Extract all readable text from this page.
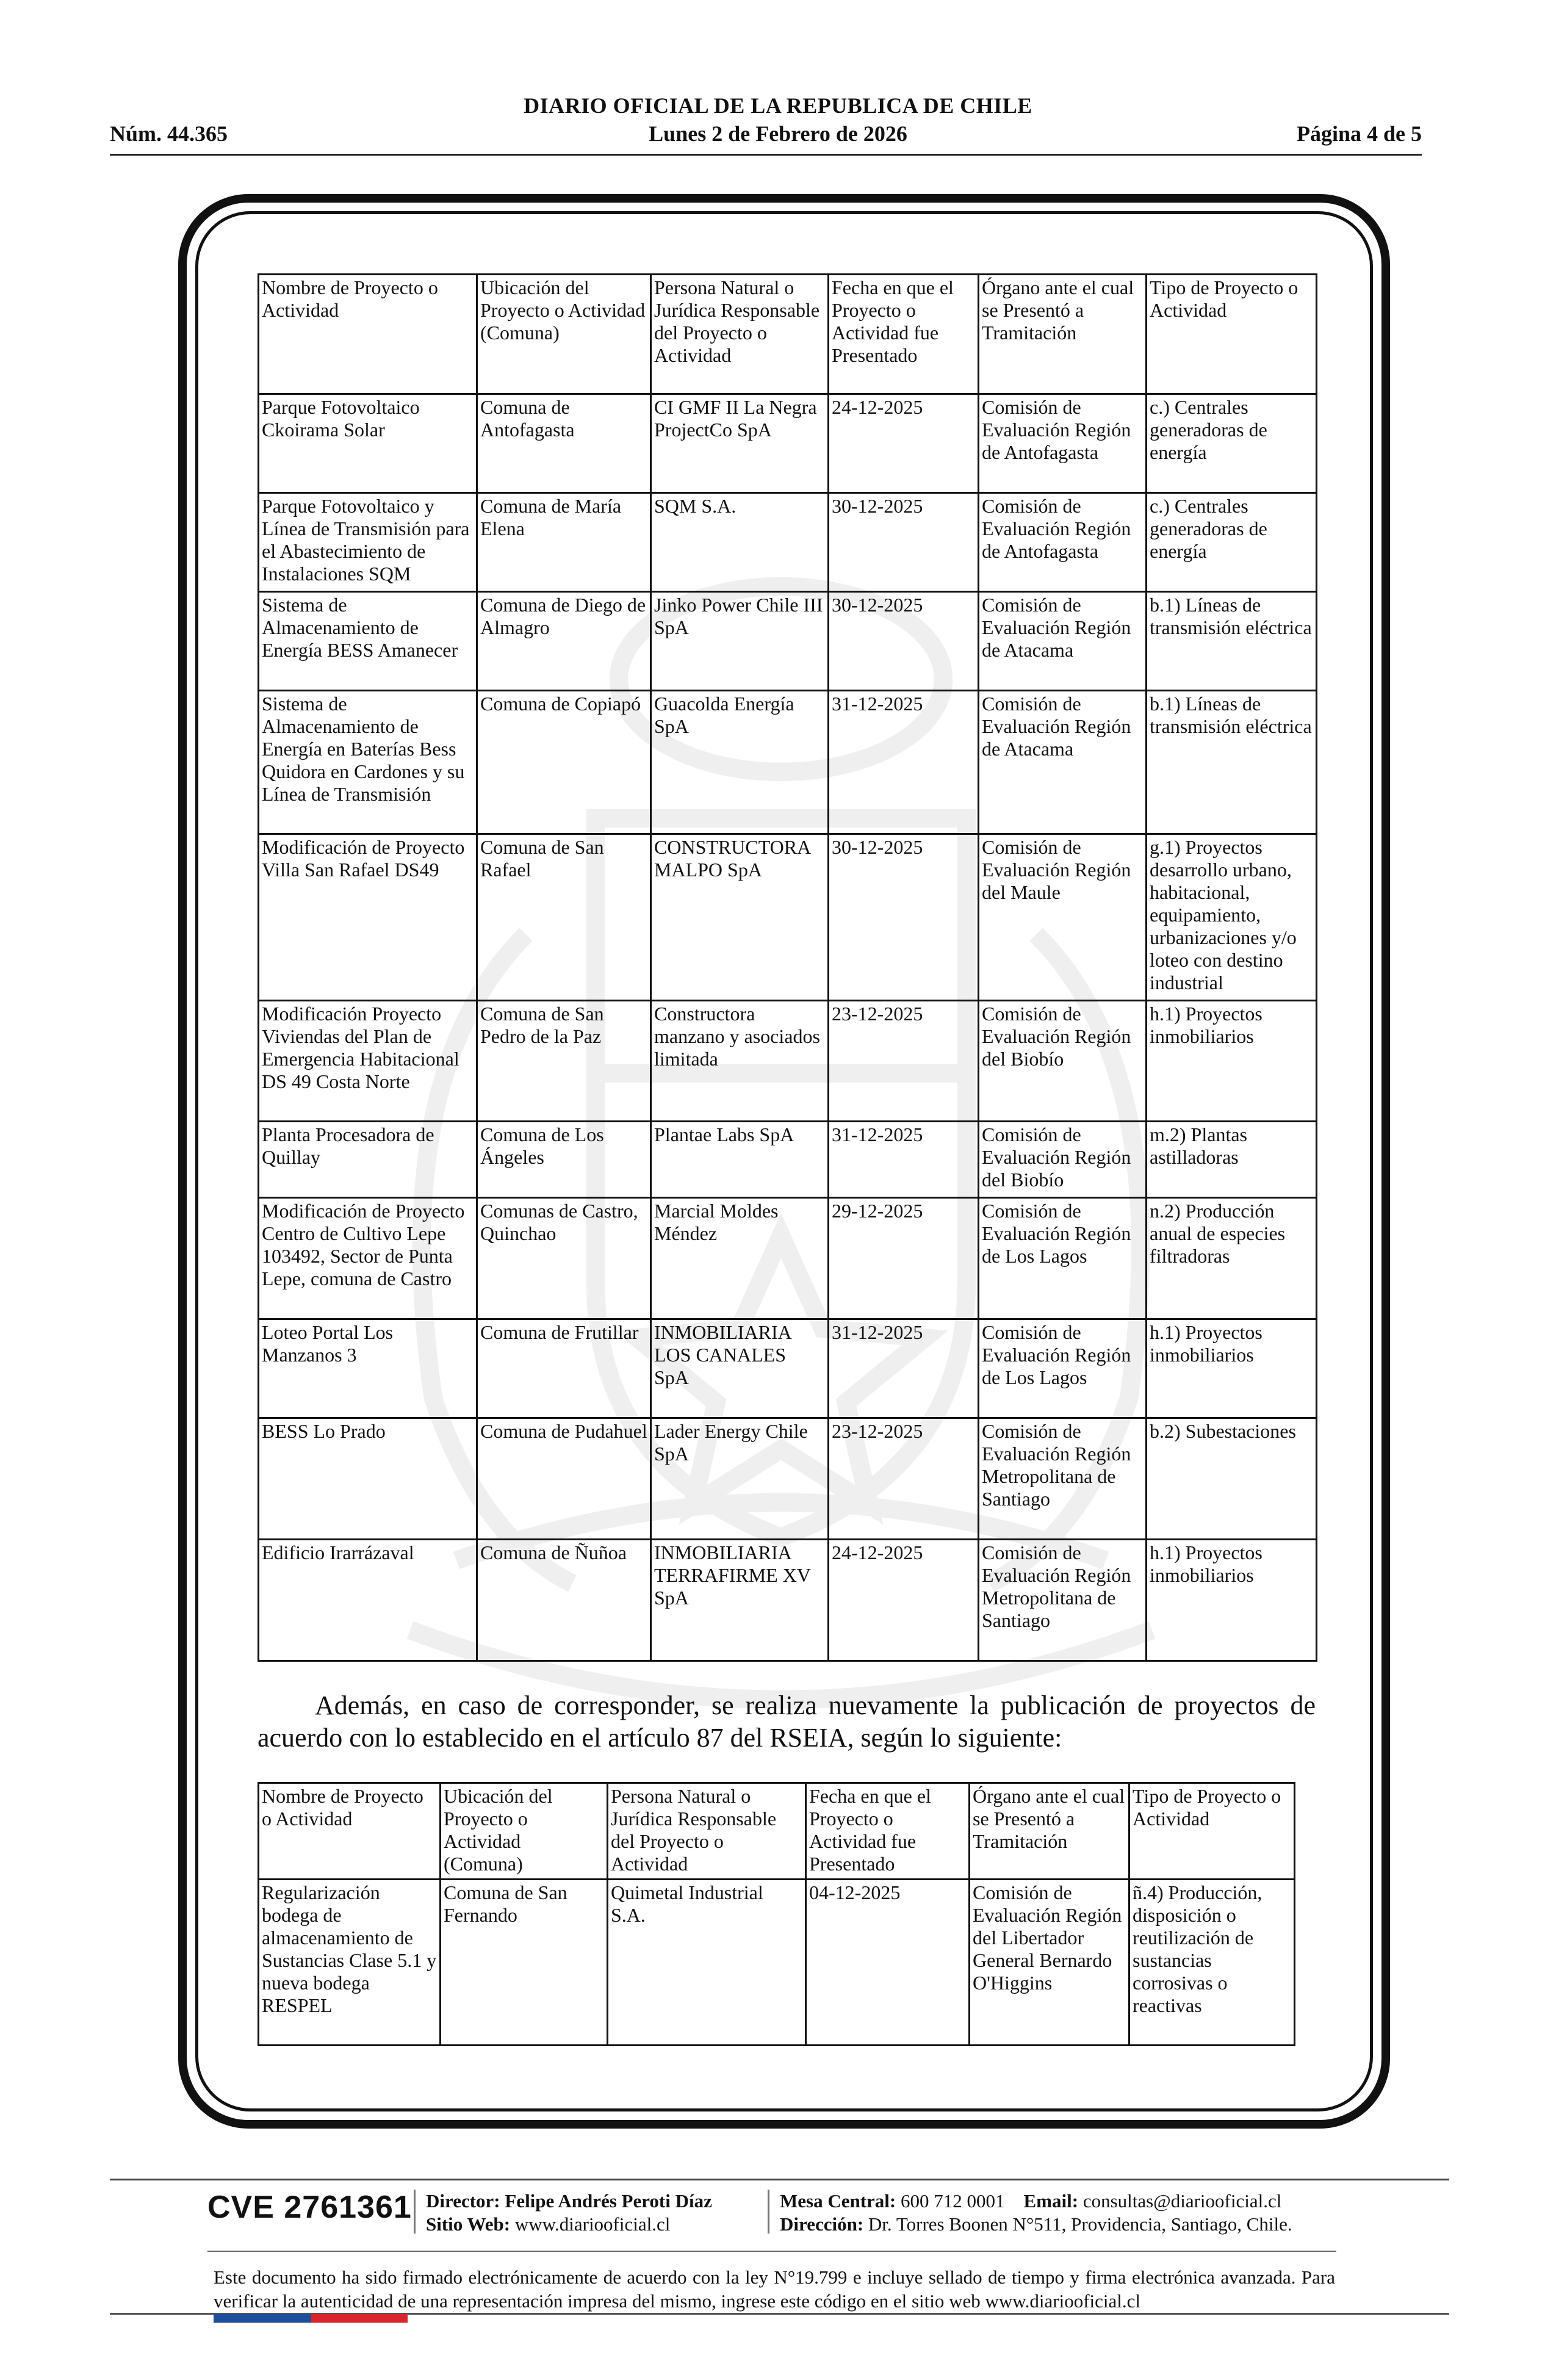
DIARIO OFICIAL DE LA REPUBLICA DE CHILE
Núm. 44.365	Lunes 2 de Febrero de 2026	Página 4 de 5
Nombre de Proyecto o Actividad	Ubicación del Proyecto o Actividad (Comuna)	Persona Natural o Jurídica Responsable del Proyecto o Actividad	Fecha en que el Proyecto o Actividad fue Presentado	Órgano ante el cual se Presentó a Tramitación	Tipo de Proyecto o Actividad
Parque Fotovoltaico Ckoirama Solar	Comuna de Antofagasta	CI GMF II La Negra ProjectCo SpA	24-12-2025	Comisión de Evaluación Región de Antofagasta	c.) Centrales generadoras de energía
Parque Fotovoltaico y Línea de Transmisión para el Abastecimiento de Instalaciones SQM	Comuna de María Elena	SQM S.A.	30-12-2025	Comisión de Evaluación Región de Antofagasta	c.) Centrales generadoras de energía
Sistema de Almacenamiento de Energía BESS Amanecer	Comuna de Diego de Almagro	Jinko Power Chile III SpA	30-12-2025	Comisión de Evaluación Región de Atacama	b.1) Líneas de transmisión eléctrica
Sistema de Almacenamiento de Energía en Baterías Bess Quidora en Cardones y su Línea de Transmisión	Comuna de Copiapó	Guacolda Energía SpA	31-12-2025	Comisión de Evaluación Región de Atacama	b.1) Líneas de transmisión eléctrica
Modificación de Proyecto Villa San Rafael DS49	Comuna de San Rafael	CONSTRUCTORA MALPO SpA	30-12-2025	Comisión de Evaluación Región del Maule	g.1) Proyectos desarrollo urbano, habitacional, equipamiento, urbanizaciones y/o loteo con destino industrial
Modificación Proyecto Viviendas del Plan de Emergencia Habitacional DS 49 Costa Norte	Comuna de San Pedro de la Paz	Constructora manzano y asociados limitada	23-12-2025	Comisión de Evaluación Región del Biobío	h.1) Proyectos inmobiliarios
Planta Procesadora de Quillay	Comuna de Los Ángeles	Plantae Labs SpA	31-12-2025	Comisión de Evaluación Región del Biobío	m.2) Plantas astilladoras
Modificación de Proyecto Centro de Cultivo Lepe 103492, Sector de Punta Lepe, comuna de Castro	Comunas de Castro, Quinchao	Marcial Moldes Méndez	29-12-2025	Comisión de Evaluación Región de Los Lagos	n.2) Producción anual de especies filtradoras
Loteo Portal Los Manzanos 3	Comuna de Frutillar	INMOBILIARIA LOS CANALES SpA	31-12-2025	Comisión de Evaluación Región de Los Lagos	h.1) Proyectos inmobiliarios
BESS Lo Prado	Comuna de Pudahuel	Lader Energy Chile SpA	23-12-2025	Comisión de Evaluación Región Metropolitana de Santiago	b.2) Subestaciones
Edificio Irarrázaval	Comuna de Ñuñoa	INMOBILIARIA TERRAFIRME XV SpA	24-12-2025	Comisión de Evaluación Región Metropolitana de Santiago	h.1) Proyectos inmobiliarios
Además, en caso de corresponder, se realiza nuevamente la publicación de proyectos de acuerdo con lo establecido en el artículo 87 del RSEIA, según lo siguiente:
Nombre de Proyecto o Actividad	Ubicación del Proyecto o Actividad (Comuna)	Persona Natural o Jurídica Responsable del Proyecto o Actividad	Fecha en que el Proyecto o Actividad fue Presentado	Órgano ante el cual se Presentó a Tramitación	Tipo de Proyecto o Actividad
Regularización bodega de almacenamiento de Sustancias Clase 5.1 y nueva bodega RESPEL	Comuna de San Fernando	Quimetal Industrial S.A.	04-12-2025	Comisión de Evaluación Región del Libertador General Bernardo O'Higgins	ñ.4) Producción, disposición o reutilización de sustancias corrosivas o reactivas
CVE 2761361 Director: Felipe Andrés Peroti Díaz
Sitio Web: www.diariooficial.cl
Mesa Central: 600 712 0001 Email: consultas@diariooficial.cl
Dirección: Dr. Torres Boonen N°511, Providencia, Santiago, Chile.
Este documento ha sido firmado electrónicamente de acuerdo con la ley N°19.799 e incluye sellado de tiempo y firma electrónica avanzada. Para verificar la autenticidad de una representación impresa del mismo, ingrese este código en el sitio web www.diariooficial.cl
